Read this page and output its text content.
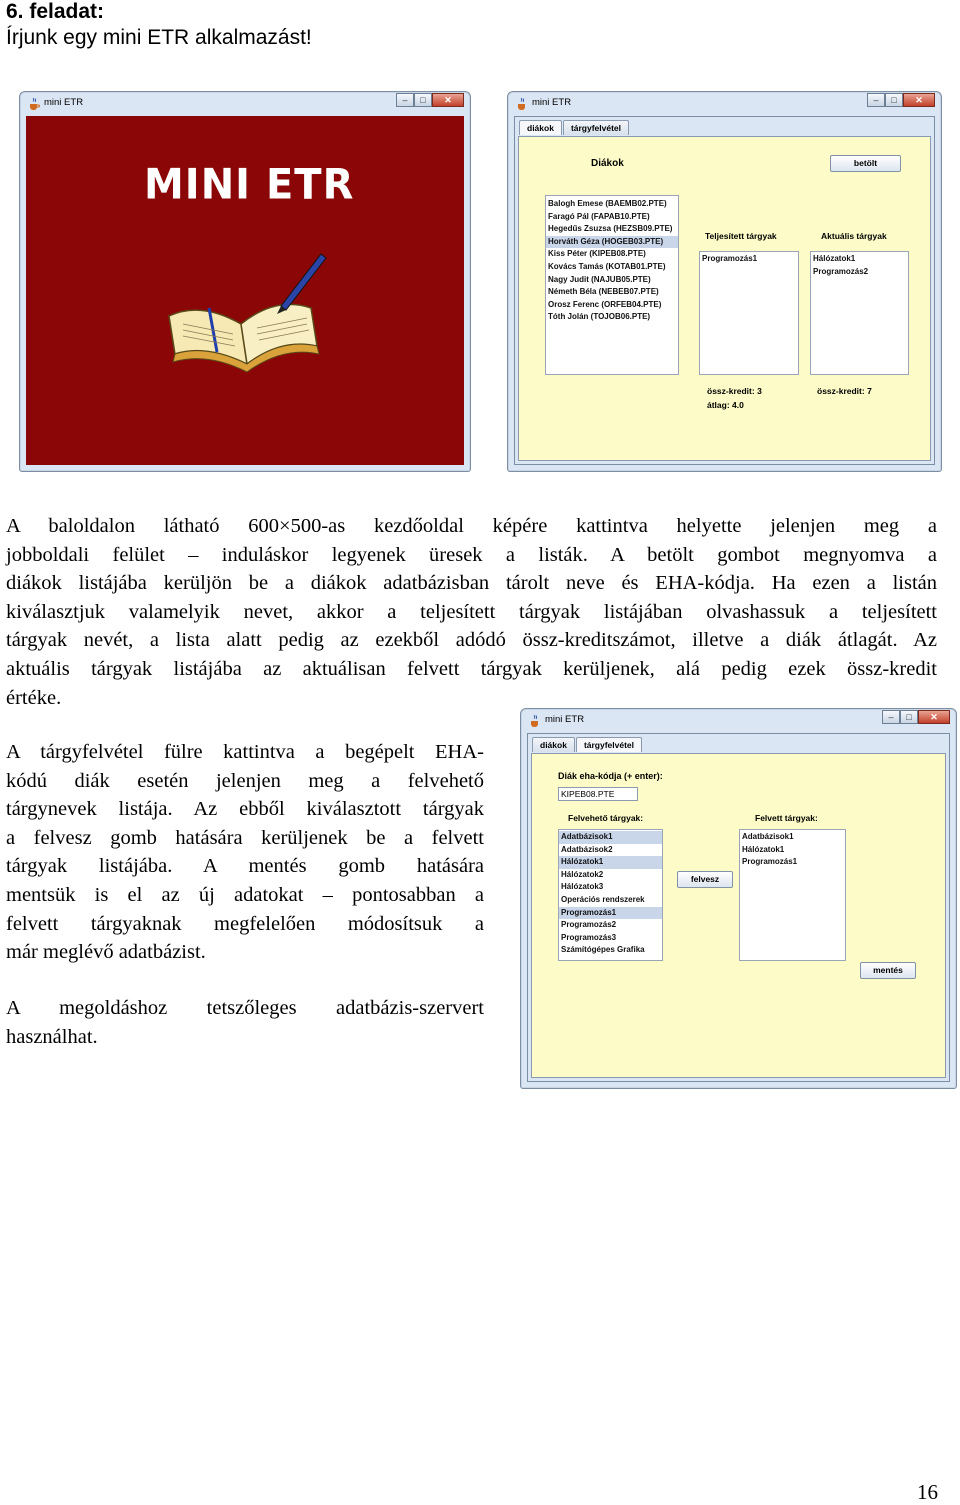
6. feladat:
Írjunk egy mini ETR alkalmazást!
mini ETR	–	□	✕
MINI ETR
mini ETR	–	□	✕
diákok	tárgyfelvétel
Diákok	betölt
Balogh Emese (BAEMB02.PTE)
Faragó Pál (FAPAB10.PTE)
Hegedűs Zsuzsa (HEZSB09.PTE)
Horváth Géza (HOGEB03.PTE)
Kiss Péter (KIPEB08.PTE)
Kovács Tamás (KOTAB01.PTE)
Nagy Judit (NAJUB05.PTE)
Németh Béla (NEBEB07.PTE)
Orosz Ferenc (ORFEB04.PTE)
Tóth Jolán (TOJOB06.PTE)
Teljesített tárgyak
Programozás1
Aktuális tárgyak
Hálózatok1
Programozás2
össz-kredit: 3
átlag: 4.0
össz-kredit: 7
A baloldalon látható 600×500-as kezdőoldal képére kattintva helyette jelenjen meg a
jobboldali felület – induláskor legyenek üresek a listák. A betölt gombot megnyomva a
diákok listájába kerüljön be a diákok adatbázisban tárolt neve és EHA-kódja. Ha ezen a listán
kiválasztjuk valamelyik nevet, akkor a teljesített tárgyak listájában olvashassuk a teljesített
tárgyak nevét, a lista alatt pedig az ezekből adódó össz-kreditszámot, illetve a diák átlagát. Az
aktuális tárgyak listájába az aktuálisan felvett tárgyak kerüljenek, alá pedig ezek össz-kredit
értéke.
mini ETR	–	□	✕
diákok	tárgyfelvétel
Diák eha-kódja (+ enter):
KIPEB08.PTE
Felvehető tárgyak:
Adatbázisok1
Adatbázisok2
Hálózatok1
Hálózatok2
Hálózatok3
Operációs rendszerek
Programozás1
Programozás2
Programozás3
Számítógépes Grafika
felvesz
Felvett tárgyak:
Adatbázisok1
Hálózatok1
Programozás1
mentés
A tárgyfelvétel fülre kattintva a begépelt EHA-
kódú diák esetén jelenjen meg a felvehető
tárgynevek listája. Az ebből kiválasztott tárgyak
a felvesz gomb hatására kerüljenek be a felvett
tárgyak listájába. A mentés gomb hatására
mentsük is el az új adatokat – pontosabban a
felvett tárgyaknak megfelelően módosítsuk a
már meglévő adatbázist.
A megoldáshoz tetszőleges adatbázis-szervert
használhat.
16
